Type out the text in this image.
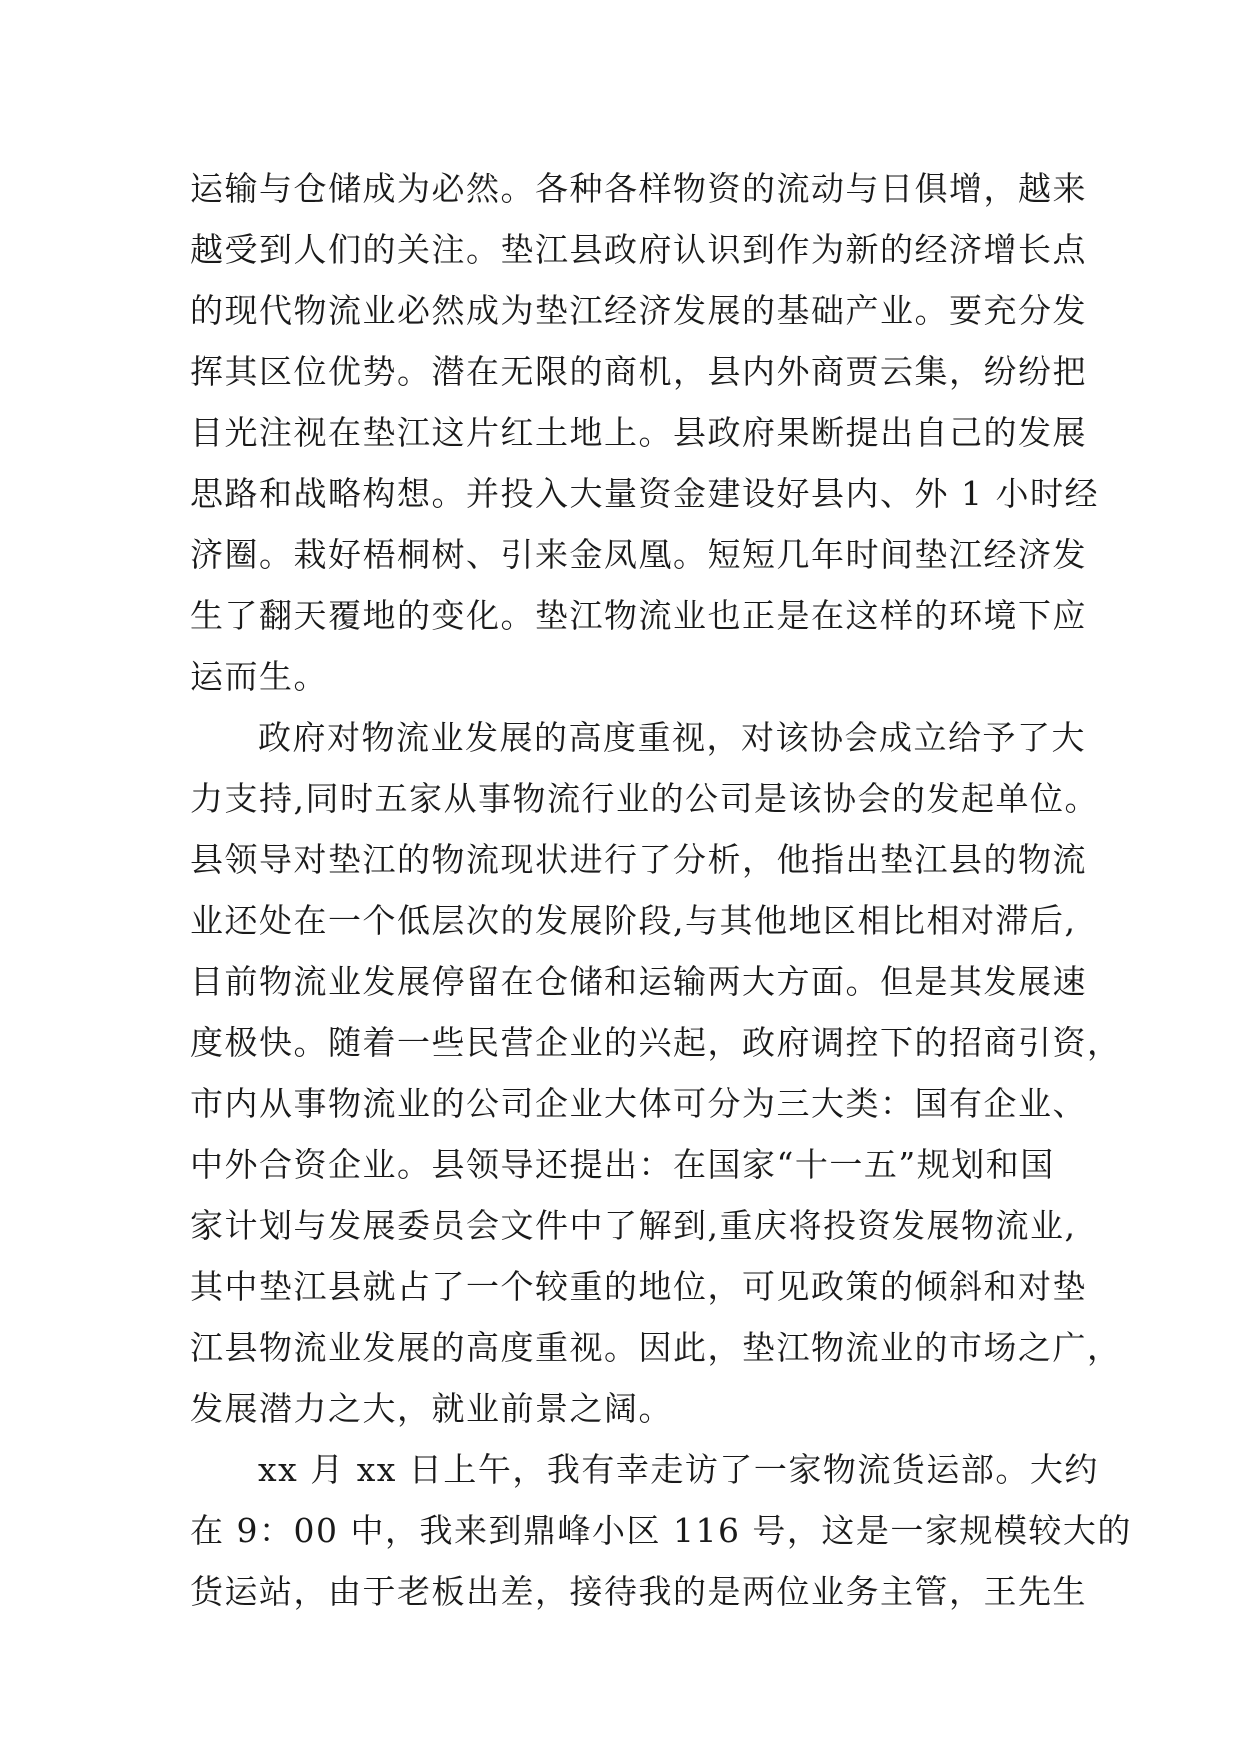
运输与仓储成为必然。各种各样物资的流动与日俱增，越来
越受到人们的关注。垫江县政府认识到作为新的经济增长点
的现代物流业必然成为垫江经济发展的基础产业。要充分发
挥其区位优势。潜在无限的商机，县内外商贾云集，纷纷把
目光注视在垫江这片红土地上。县政府果断提出自己的发展
思路和战略构想。并投入大量资金建设好县内、外 1 小时经
济圈。栽好梧桐树、引来金凤凰。短短几年时间垫江经济发
生了翻天覆地的变化。垫江物流业也正是在这样的环境下应
运而生。
政府对物流业发展的高度重视，对该协会成立给予了大
力支持,同时五家从事物流行业的公司是该协会的发起单位。
县领导对垫江的物流现状进行了分析，他指出垫江县的物流
业还处在一个低层次的发展阶段,与其他地区相比相对滞后,
目前物流业发展停留在仓储和运输两大方面。但是其发展速
度极快。随着一些民营企业的兴起，政府调控下的招商引资，
市内从事物流业的公司企业大体可分为三大类：国有企业、
中外合资企业。县领导还提出：在国家“十一五”规划和国
家计划与发展委员会文件中了解到,重庆将投资发展物流业,
其中垫江县就占了一个较重的地位，可见政策的倾斜和对垫
江县物流业发展的高度重视。因此，垫江物流业的市场之广，
发展潜力之大，就业前景之阔。
xx 月 xx 日上午，我有幸走访了一家物流货运部。大约
在 9：00 中，我来到鼎峰小区 116 号，这是一家规模较大的
货运站，由于老板出差，接待我的是两位业务主管，王先生
